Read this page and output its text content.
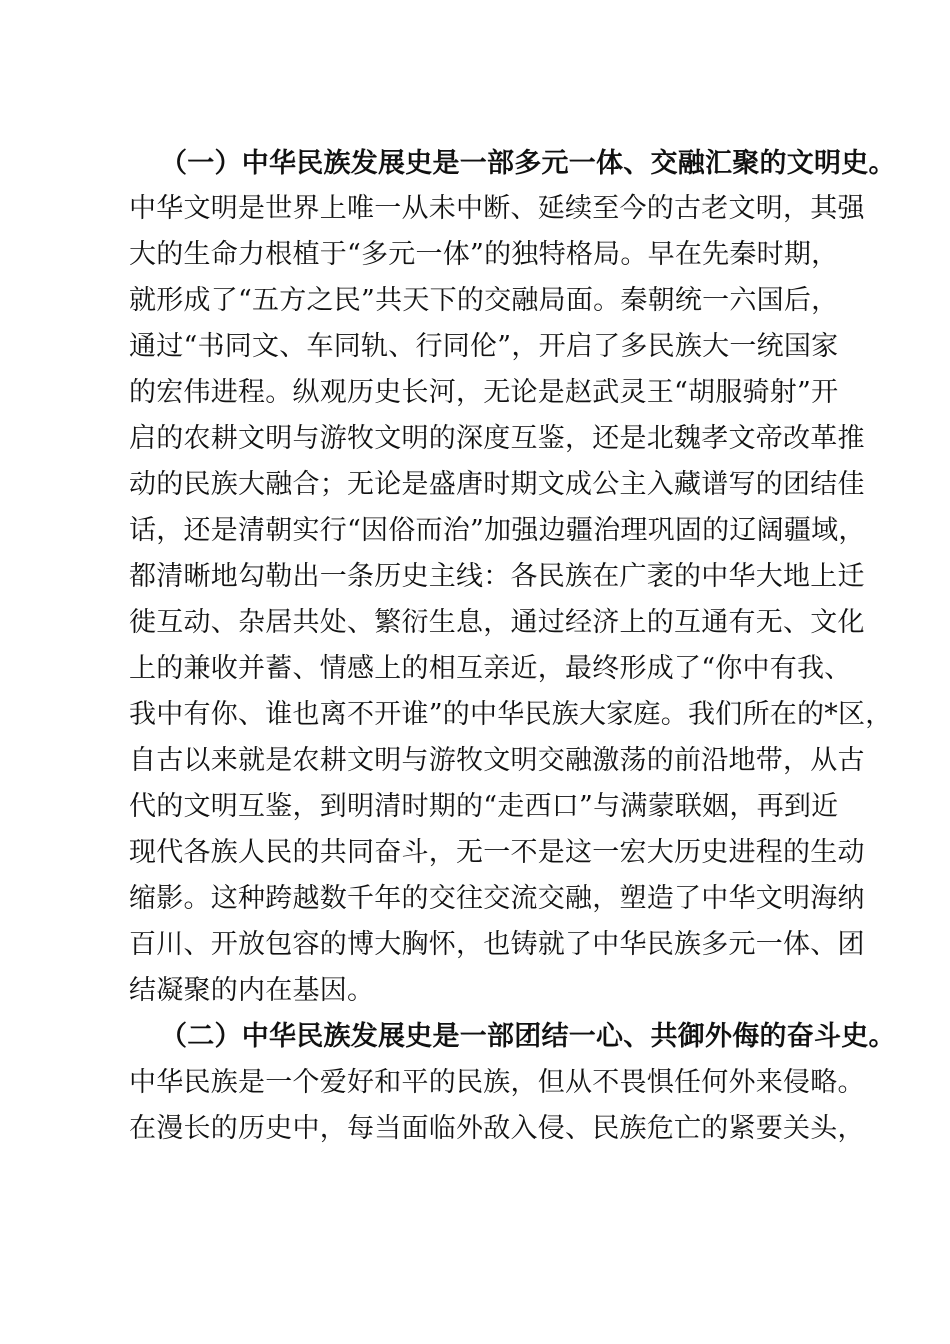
（一）中华民族发展史是一部多元一体、交融汇聚的文明史。
中华文明是世界上唯一从未中断、延续至今的古老文明，其强
大的生命力根植于“多元一体”的独特格局。早在先秦时期，
就形成了“五方之民”共天下的交融局面。秦朝统一六国后，
通过“书同文、车同轨、行同伦”，开启了多民族大一统国家
的宏伟进程。纵观历史长河，无论是赵武灵王“胡服骑射”开
启的农耕文明与游牧文明的深度互鉴，还是北魏孝文帝改革推
动的民族大融合；无论是盛唐时期文成公主入藏谱写的团结佳
话，还是清朝实行“因俗而治”加强边疆治理巩固的辽阔疆域，
都清晰地勾勒出一条历史主线：各民族在广袤的中华大地上迁
徙互动、杂居共处、繁衍生息，通过经济上的互通有无、文化
上的兼收并蓄、情感上的相互亲近，最终形成了“你中有我、
我中有你、谁也离不开谁”的中华民族大家庭。我们所在的*区，
自古以来就是农耕文明与游牧文明交融激荡的前沿地带，从古
代的文明互鉴，到明清时期的“走西口”与满蒙联姻，再到近
现代各族人民的共同奋斗，无一不是这一宏大历史进程的生动
缩影。这种跨越数千年的交往交流交融，塑造了中华文明海纳
百川、开放包容的博大胸怀，也铸就了中华民族多元一体、团
结凝聚的内在基因。
（二）中华民族发展史是一部团结一心、共御外侮的奋斗史。
中华民族是一个爱好和平的民族，但从不畏惧任何外来侵略。
在漫长的历史中，每当面临外敌入侵、民族危亡的紧要关头，
